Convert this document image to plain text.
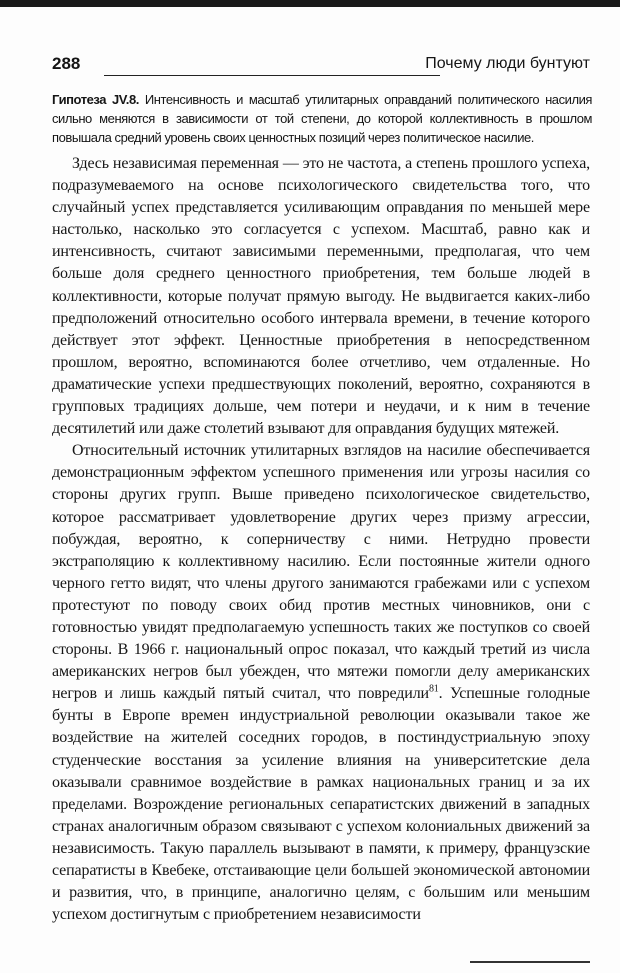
288	Почему люди бунтуют
Гипотеза JV.8. Интенсивность и масштаб утилитарных оправданий политического насилия сильно меняются в зависимости от той степени, до которой коллективность в прошлом повышала средний уровень своих ценностных позиций через политическое насилие.

Здесь независимая переменная — это не частота, а степень прошлого успеха, подразумеваемого на основе психологического свидетельства того, что случайный успех представляется усиливающим оправдания по меньшей мере настолько, насколько это согласуется с успехом. Масштаб, равно как и интенсивность, считают зависимыми переменными, предполагая, что чем больше доля среднего ценностного приобретения, тем больше людей в коллективности, которые получат прямую выгоду. Не выдвигается каких-либо предположений относительно особого интервала времени, в течение которого действует этот эффект. Ценностные приобретения в непосредственном прошлом, вероятно, вспоминаются более отчетливо, чем отдаленные. Но драматические успехи предшествующих поколений, вероятно, сохраняются в групповых традициях дольше, чем потери и неудачи, и к ним в течение десятилетий или даже столетий взывают для оправдания будущих мятежей.

Относительный источник утилитарных взглядов на насилие обеспечивается демонстрационным эффектом успешного применения или угрозы насилия со стороны других групп. Выше приведено психологическое свидетельство, которое рассматривает удовлетворение других через призму агрессии, побуждая, вероятно, к соперничеству с ними. Нетрудно провести экстраполяцию к коллективному насилию. Если постоянные жители одного черного гетто видят, что члены другого занимаются грабежами или с успехом протестуют по поводу своих обид против местных чиновников, они с готовностью увидят предполагаемую успешность таких же поступков со своей стороны. В 1966 г. национальный опрос показал, что каждый третий из числа американских негров был убежден, что мятежи помогли делу американских негров и лишь каждый пятый считал, что повредили$^{81}$. Успешные голодные бунты в Европе времен индустриальной революции оказывали такое же воздействие на жителей соседних городов, в постиндустриальную эпоху студенческие восстания за усиление влияния на университетские дела оказывали сравнимое воздействие в рамках национальных границ и за их пределами. Возрождение региональных сепаратистских движений в западных странах аналогичным образом связывают с успехом колониальных движений за независимость. Такую параллель вызывают в памяти, к примеру, французские сепаратисты в Квебеке, отстаивающие цели большей экономической автономии и развития, что, в принципе, аналогично целям, с большим или меньшим успехом достигнутым с приобретением независимости
